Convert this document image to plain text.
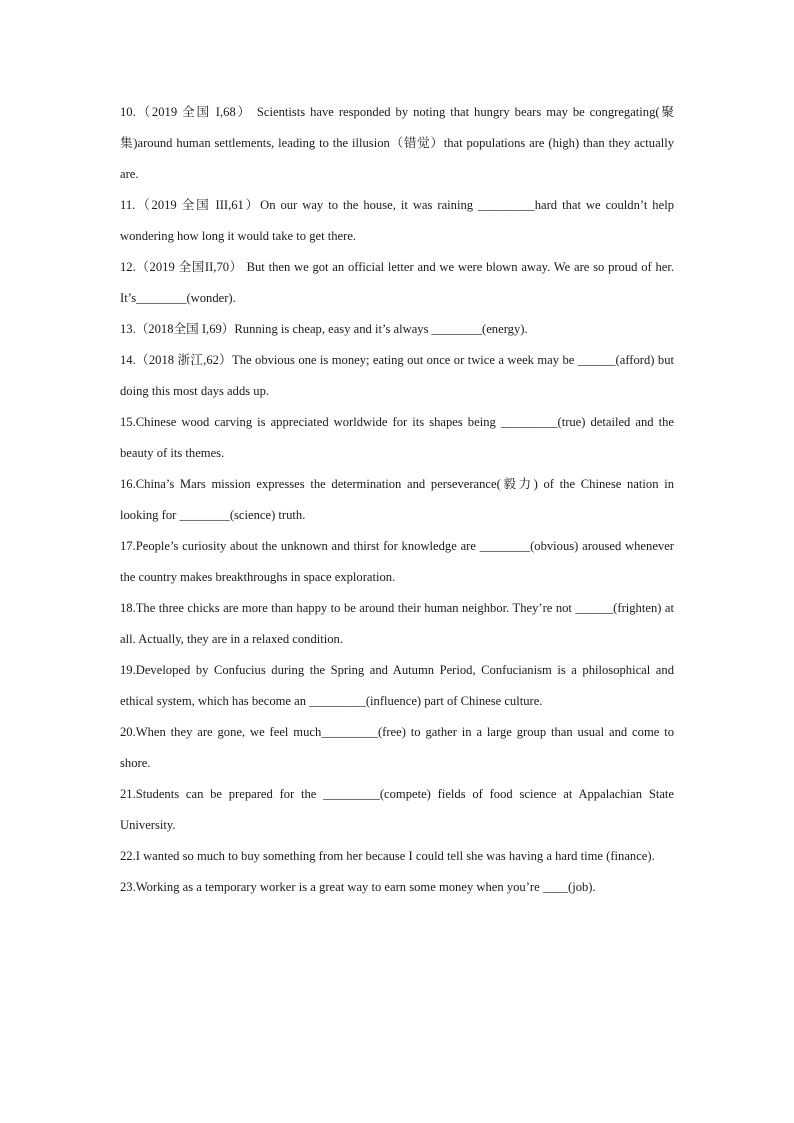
10.（2019 全国 I,68） Scientists have responded by noting that hungry bears may be congregating(聚集)around human settlements, leading to the illusion（错觉）that populations are (high) than they actually are.

11.（2019 全国 III,61）On our way to the house, it was raining _________hard that we couldn’t help wondering how long it would take to get there.

12.（2019 全国II,70） But then we got an official letter and we were blown away. We are so proud of her. It’s________(wonder).

13.（2018全国 I,69）Running is cheap, easy and it’s always ________(energy).

14.（2018 浙江,62）The obvious one is money; eating out once or twice a week may be ______(afford) but doing this most days adds up.

15.Chinese wood carving is appreciated worldwide for its shapes being _________(true) detailed and the beauty of its themes.

16.China’s Mars mission expresses the determination and perseverance(毅力) of the Chinese nation in looking for ________(science) truth.

17.People’s curiosity about the unknown and thirst for knowledge are ________(obvious) aroused whenever the country makes breakthroughs in space exploration.

18.The three chicks are more than happy to be around their human neighbor. They’re not ______(frighten) at all. Actually, they are in a relaxed condition.

19.Developed by Confucius during the Spring and Autumn Period, Confucianism is a philosophical and ethical system, which has become an _________(influence) part of Chinese culture.

20.When they are gone, we feel much_________(free) to gather in a large group than usual and come to shore.

21.Students can be prepared for the _________(compete) fields of food science at Appalachian State University.

22.I wanted so much to buy something from her because I could tell she was having a hard time (finance).

23.Working as a temporary worker is a great way to earn some money when you’re ____(job).
